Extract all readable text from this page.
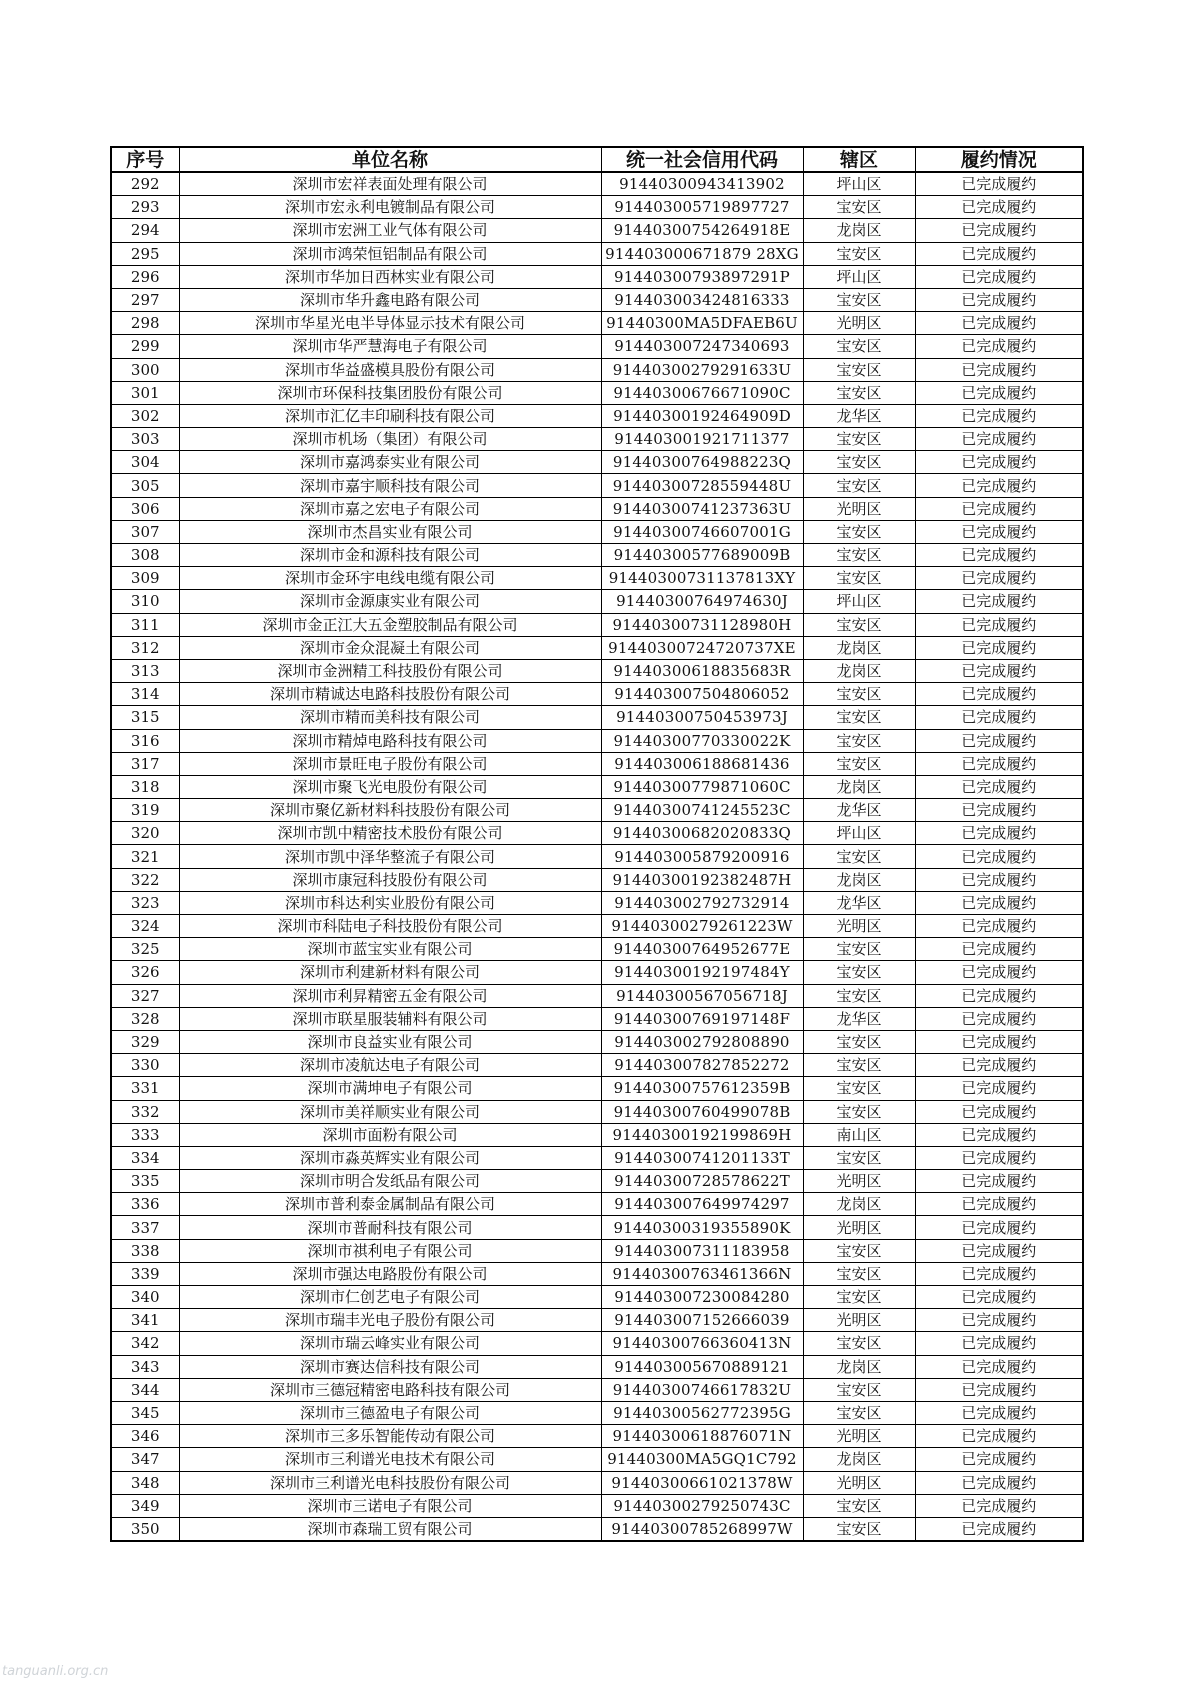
序号	单位名称	统一社会信用代码	辖区	履约情况
292	深圳市宏祥表面处理有限公司	91440300943413902	坪山区	已完成履约
293	深圳市宏永利电镀制品有限公司	914403005719897727	宝安区	已完成履约
294	深圳市宏洲工业气体有限公司	91440300754264918E	龙岗区	已完成履约
295	深圳市鸿荣恒铝制品有限公司	914403000671879 28XG	宝安区	已完成履约
296	深圳市华加日西林实业有限公司	91440300793897291P	坪山区	已完成履约
297	深圳市华升鑫电路有限公司	914403003424816333	宝安区	已完成履约
298	深圳市华星光电半导体显示技术有限公司	91440300MA5DFAEB6U	光明区	已完成履约
299	深圳市华严慧海电子有限公司	914403007247340693	宝安区	已完成履约
300	深圳市华益盛模具股份有限公司	91440300279291633U	宝安区	已完成履约
301	深圳市环保科技集团股份有限公司	91440300676671090C	宝安区	已完成履约
302	深圳市汇亿丰印刷科技有限公司	91440300192464909D	龙华区	已完成履约
303	深圳市机场（集团）有限公司	914403001921711377	宝安区	已完成履约
304	深圳市嘉鸿泰实业有限公司	91440300764988223Q	宝安区	已完成履约
305	深圳市嘉宇顺科技有限公司	91440300728559448U	宝安区	已完成履约
306	深圳市嘉之宏电子有限公司	91440300741237363U	光明区	已完成履约
307	深圳市杰昌实业有限公司	91440300746607001G	宝安区	已完成履约
308	深圳市金和源科技有限公司	91440300577689009B	宝安区	已完成履约
309	深圳市金环宇电线电缆有限公司	91440300731137813XY	宝安区	已完成履约
310	深圳市金源康实业有限公司	91440300764974630J	坪山区	已完成履约
311	深圳市金正江大五金塑胶制品有限公司	91440300731128980H	宝安区	已完成履约
312	深圳市金众混凝土有限公司	91440300724720737XE	龙岗区	已完成履约
313	深圳市金洲精工科技股份有限公司	91440300618835683R	龙岗区	已完成履约
314	深圳市精诚达电路科技股份有限公司	914403007504806052	宝安区	已完成履约
315	深圳市精而美科技有限公司	91440300750453973J	宝安区	已完成履约
316	深圳市精焯电路科技有限公司	91440300770330022K	宝安区	已完成履约
317	深圳市景旺电子股份有限公司	914403006188681436	宝安区	已完成履约
318	深圳市聚飞光电股份有限公司	91440300779871060C	龙岗区	已完成履约
319	深圳市聚亿新材料科技股份有限公司	91440300741245523C	龙华区	已完成履约
320	深圳市凯中精密技术股份有限公司	91440300682020833Q	坪山区	已完成履约
321	深圳市凯中泽华整流子有限公司	914403005879200916	宝安区	已完成履约
322	深圳市康冠科技股份有限公司	91440300192382487H	龙岗区	已完成履约
323	深圳市科达利实业股份有限公司	914403002792732914	龙华区	已完成履约
324	深圳市科陆电子科技股份有限公司	91440300279261223W	光明区	已完成履约
325	深圳市蓝宝实业有限公司	91440300764952677E	宝安区	已完成履约
326	深圳市利建新材料有限公司	91440300192197484Y	宝安区	已完成履约
327	深圳市利昇精密五金有限公司	91440300567056718J	宝安区	已完成履约
328	深圳市联星服装辅料有限公司	91440300769197148F	龙华区	已完成履约
329	深圳市良益实业有限公司	914403002792808890	宝安区	已完成履约
330	深圳市凌航达电子有限公司	914403007827852272	宝安区	已完成履约
331	深圳市满坤电子有限公司	91440300757612359B	宝安区	已完成履约
332	深圳市美祥顺实业有限公司	91440300760499078B	宝安区	已完成履约
333	深圳市面粉有限公司	91440300192199869H	南山区	已完成履约
334	深圳市淼英辉实业有限公司	91440300741201133T	宝安区	已完成履约
335	深圳市明合发纸品有限公司	91440300728578622T	光明区	已完成履约
336	深圳市普利泰金属制品有限公司	914403007649974297	龙岗区	已完成履约
337	深圳市普耐科技有限公司	91440300319355890K	光明区	已完成履约
338	深圳市祺利电子有限公司	914403007311183958	宝安区	已完成履约
339	深圳市强达电路股份有限公司	91440300763461366N	宝安区	已完成履约
340	深圳市仁创艺电子有限公司	914403007230084280	宝安区	已完成履约
341	深圳市瑞丰光电子股份有限公司	914403007152666039	光明区	已完成履约
342	深圳市瑞云峰实业有限公司	91440300766360413N	宝安区	已完成履约
343	深圳市赛达信科技有限公司	914403005670889121	龙岗区	已完成履约
344	深圳市三德冠精密电路科技有限公司	91440300746617832U	宝安区	已完成履约
345	深圳市三德盈电子有限公司	91440300562772395G	宝安区	已完成履约
346	深圳市三多乐智能传动有限公司	91440300618876071N	光明区	已完成履约
347	深圳市三利谱光电技术有限公司	91440300MA5GQ1C792	龙岗区	已完成履约
348	深圳市三利谱光电科技股份有限公司	91440300661021378W	光明区	已完成履约
349	深圳市三诺电子有限公司	91440300279250743C	宝安区	已完成履约
350	深圳市森瑞工贸有限公司	91440300785268997W	宝安区	已完成履约
tanguanli.org.cn
